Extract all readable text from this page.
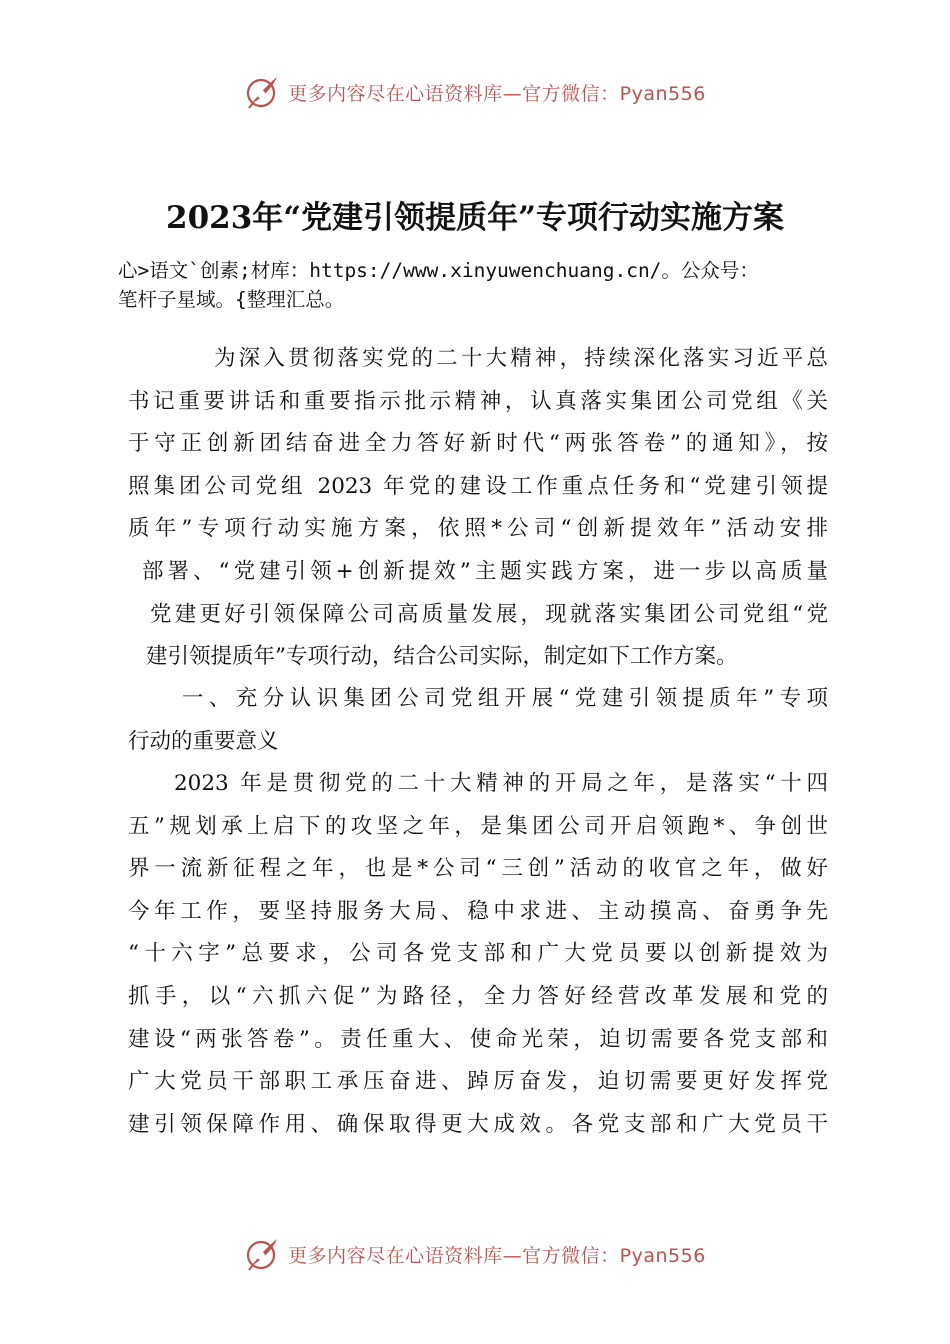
更多内容尽在心语资料库—官方微信：Pyan556
2023年“党建引领提质年”专项行动实施方案
心>语文`创素;材库：https://www.xinyuwenchuang.cn/。公众号：
笔杆子星域。{整理汇总。
为深入贯彻落实党的二十大精神，持续深化落实习近平总
书记重要讲话和重要指示批示精神，认真落实集团公司党组《关
于守正创新团结奋进全力答好新时代“两张答卷”的通知》，按
照集团公司党组 2023 年党的建设工作重点任务和“党建引领提
质年”专项行动实施方案，依照*公司“创新提效年”活动安排
部署、“党建引领+创新提效”主题实践方案，进一步以高质量
党建更好引领保障公司高质量发展，现就落实集团公司党组“党
建引领提质年”专项行动，结合公司实际，制定如下工作方案。
一、充分认识集团公司党组开展“党建引领提质年”专项
行动的重要意义
2023 年是贯彻党的二十大精神的开局之年，是落实“十四
五”规划承上启下的攻坚之年，是集团公司开启领跑*、争创世
界一流新征程之年，也是*公司“三创”活动的收官之年，做好
今年工作，要坚持服务大局、稳中求进、主动摸高、奋勇争先
“十六字”总要求，公司各党支部和广大党员要以创新提效为
抓手，以“六抓六促”为路径，全力答好经营改革发展和党的
建设“两张答卷”。责任重大、使命光荣，迫切需要各党支部和
广大党员干部职工承压奋进、踔厉奋发，迫切需要更好发挥党
建引领保障作用、确保取得更大成效。各党支部和广大党员干
更多内容尽在心语资料库—官方微信：Pyan556
